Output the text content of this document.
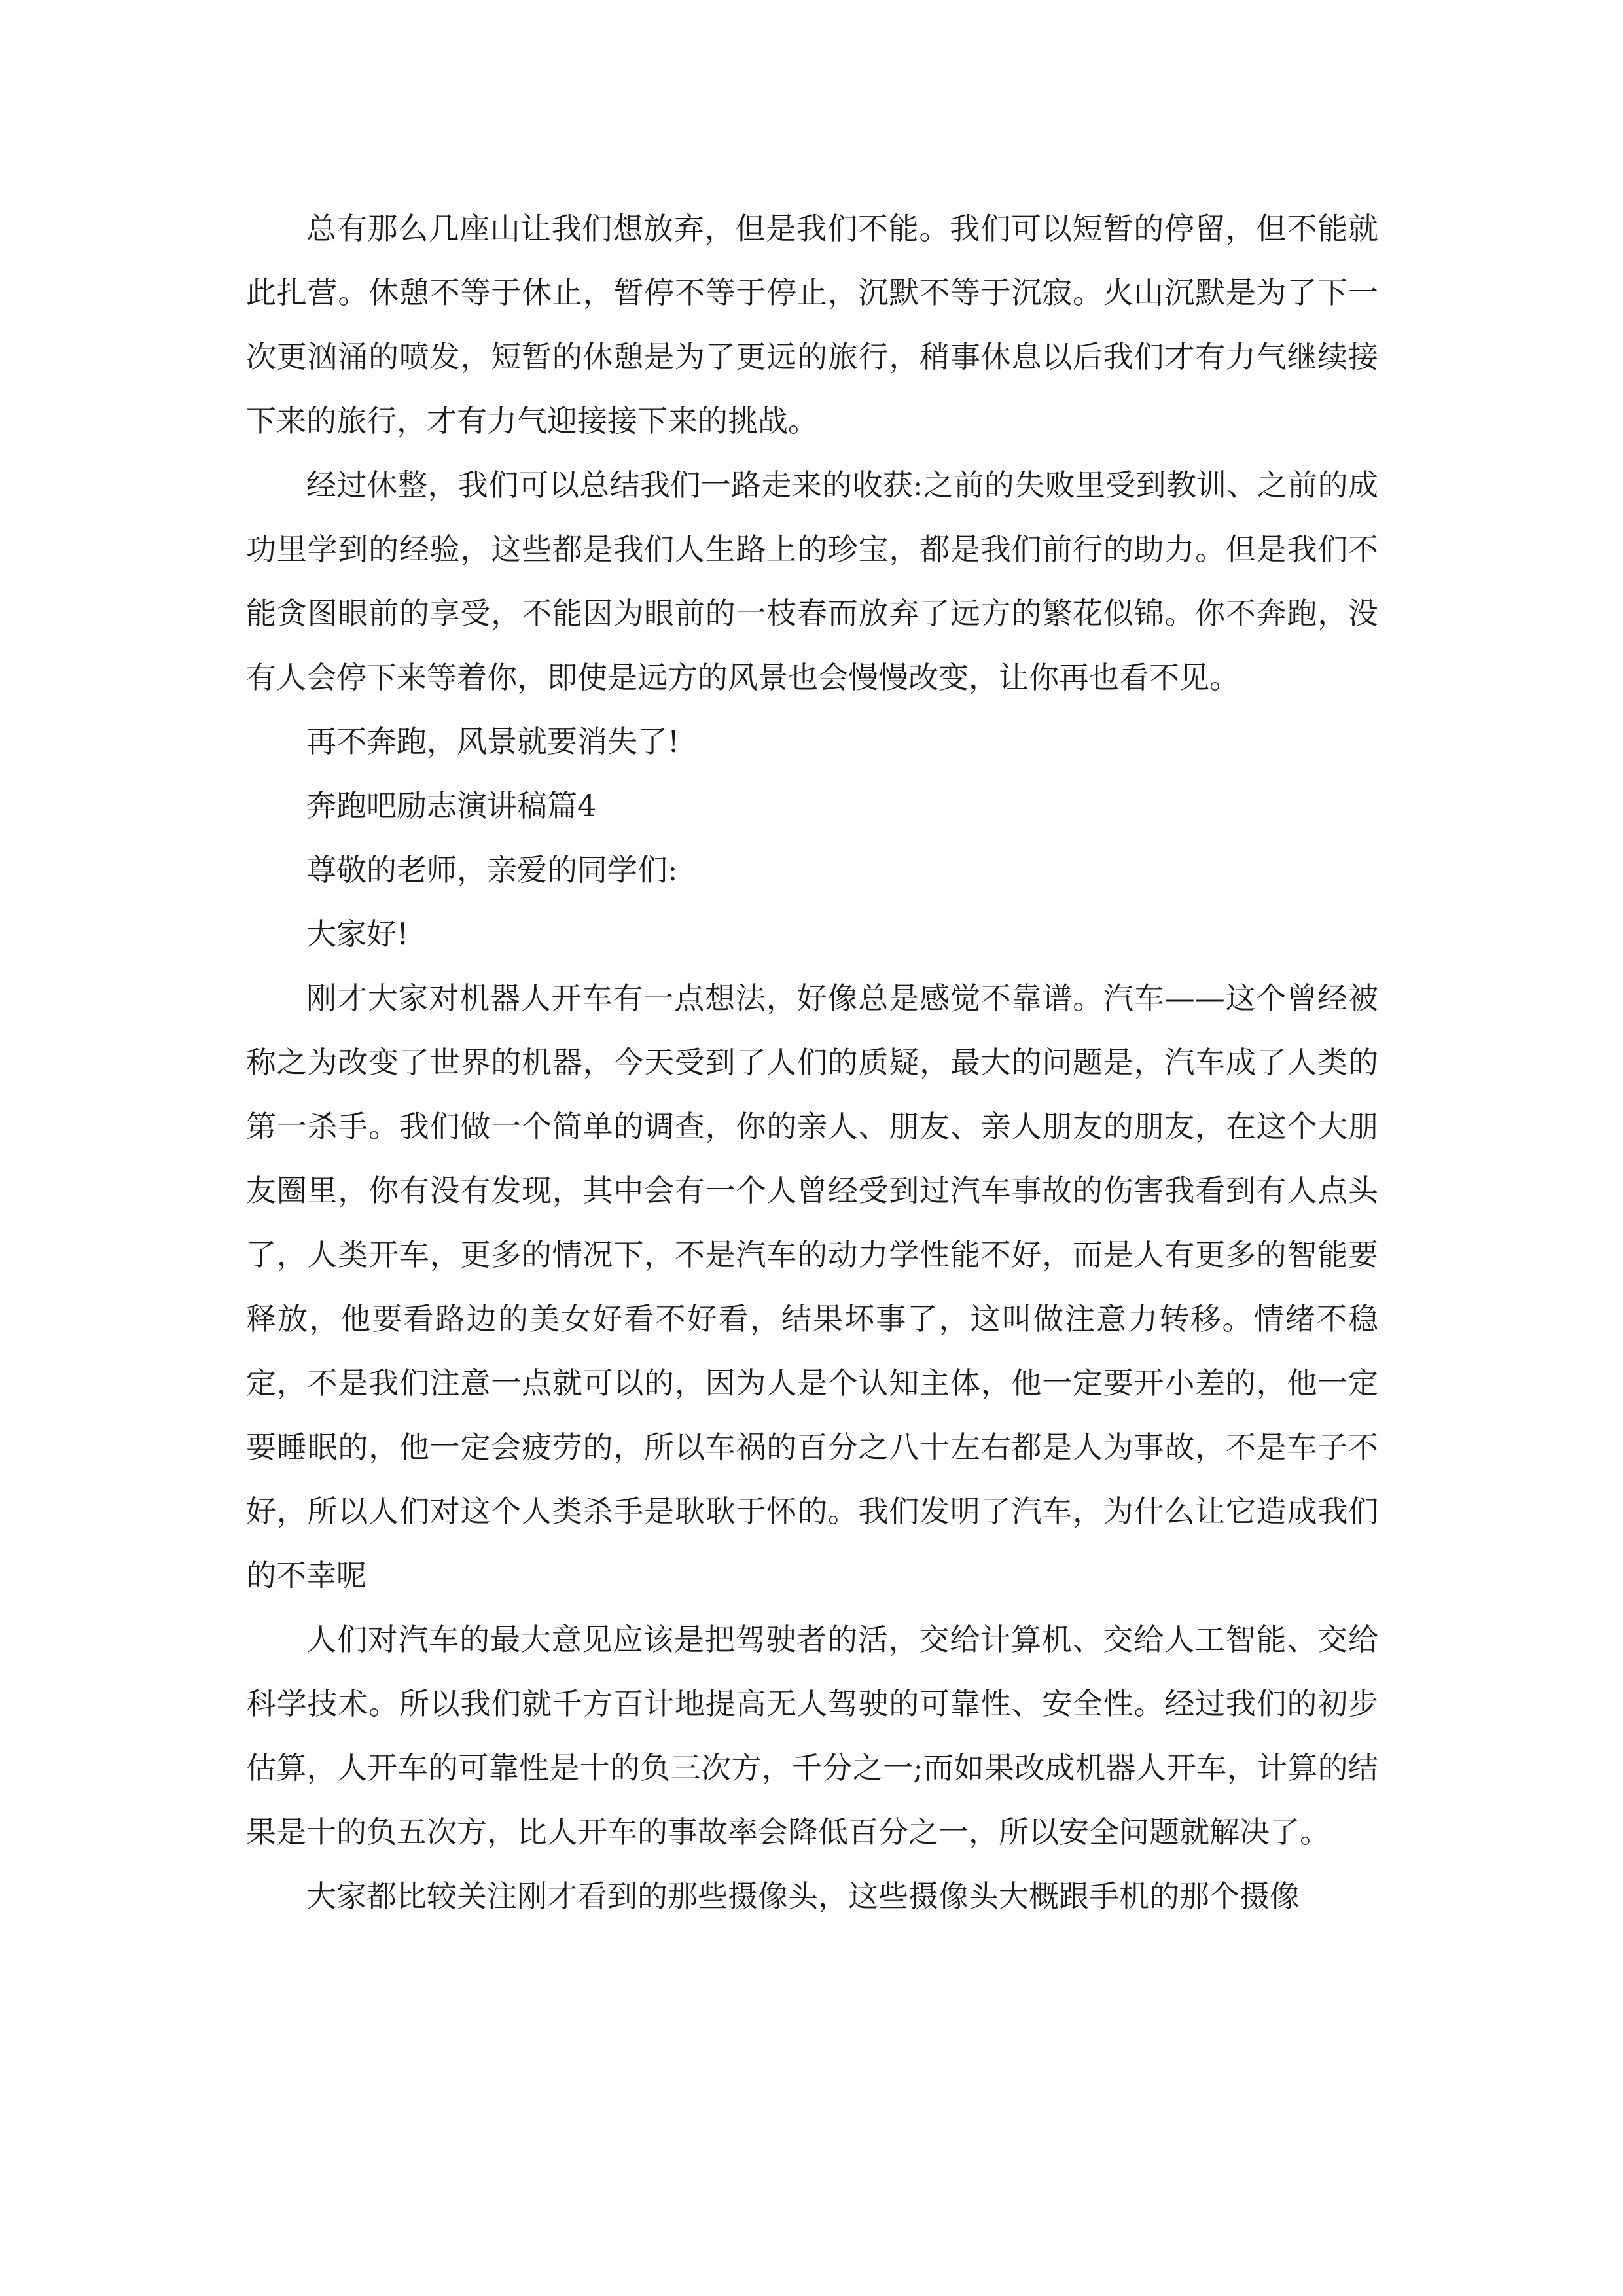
总有那么几座山让我们想放弃，但是我们不能。我们可以短暂的停留，但不能就此扎营。休憩不等于休止，暂停不等于停止，沉默不等于沉寂。火山沉默是为了下一次更汹涌的喷发，短暂的休憩是为了更远的旅行，稍事休息以后我们才有力气继续接下来的旅行，才有力气迎接接下来的挑战。

经过休整，我们可以总结我们一路走来的收获:之前的失败里受到教训、之前的成功里学到的经验，这些都是我们人生路上的珍宝，都是我们前行的助力。但是我们不能贪图眼前的享受，不能因为眼前的一枝春而放弃了远方的繁花似锦。你不奔跑，没有人会停下来等着你，即使是远方的风景也会慢慢改变，让你再也看不见。

再不奔跑，风景就要消失了!

奔跑吧励志演讲稿篇4

尊敬的老师，亲爱的同学们:

大家好!

刚才大家对机器人开车有一点想法，好像总是感觉不靠谱。汽车——这个曾经被称之为改变了世界的机器，今天受到了人们的质疑，最大的问题是，汽车成了人类的第一杀手。我们做一个简单的调查，你的亲人、朋友、亲人朋友的朋友，在这个大朋友圈里，你有没有发现，其中会有一个人曾经受到过汽车事故的伤害我看到有人点头了，人类开车，更多的情况下，不是汽车的动力学性能不好，而是人有更多的智能要释放，他要看路边的美女好看不好看，结果坏事了，这叫做注意力转移。情绪不稳定，不是我们注意一点就可以的，因为人是个认知主体，他一定要开小差的，他一定要睡眠的，他一定会疲劳的，所以车祸的百分之八十左右都是人为事故，不是车子不好，所以人们对这个人类杀手是耿耿于怀的。我们发明了汽车，为什么让它造成我们的不幸呢

人们对汽车的最大意见应该是把驾驶者的活，交给计算机、交给人工智能、交给科学技术。所以我们就千方百计地提高无人驾驶的可靠性、安全性。经过我们的初步估算，人开车的可靠性是十的负三次方，千分之一;而如果改成机器人开车，计算的结果是十的负五次方，比人开车的事故率会降低百分之一，所以安全问题就解决了。

大家都比较关注刚才看到的那些摄像头，这些摄像头大概跟手机的那个摄像
